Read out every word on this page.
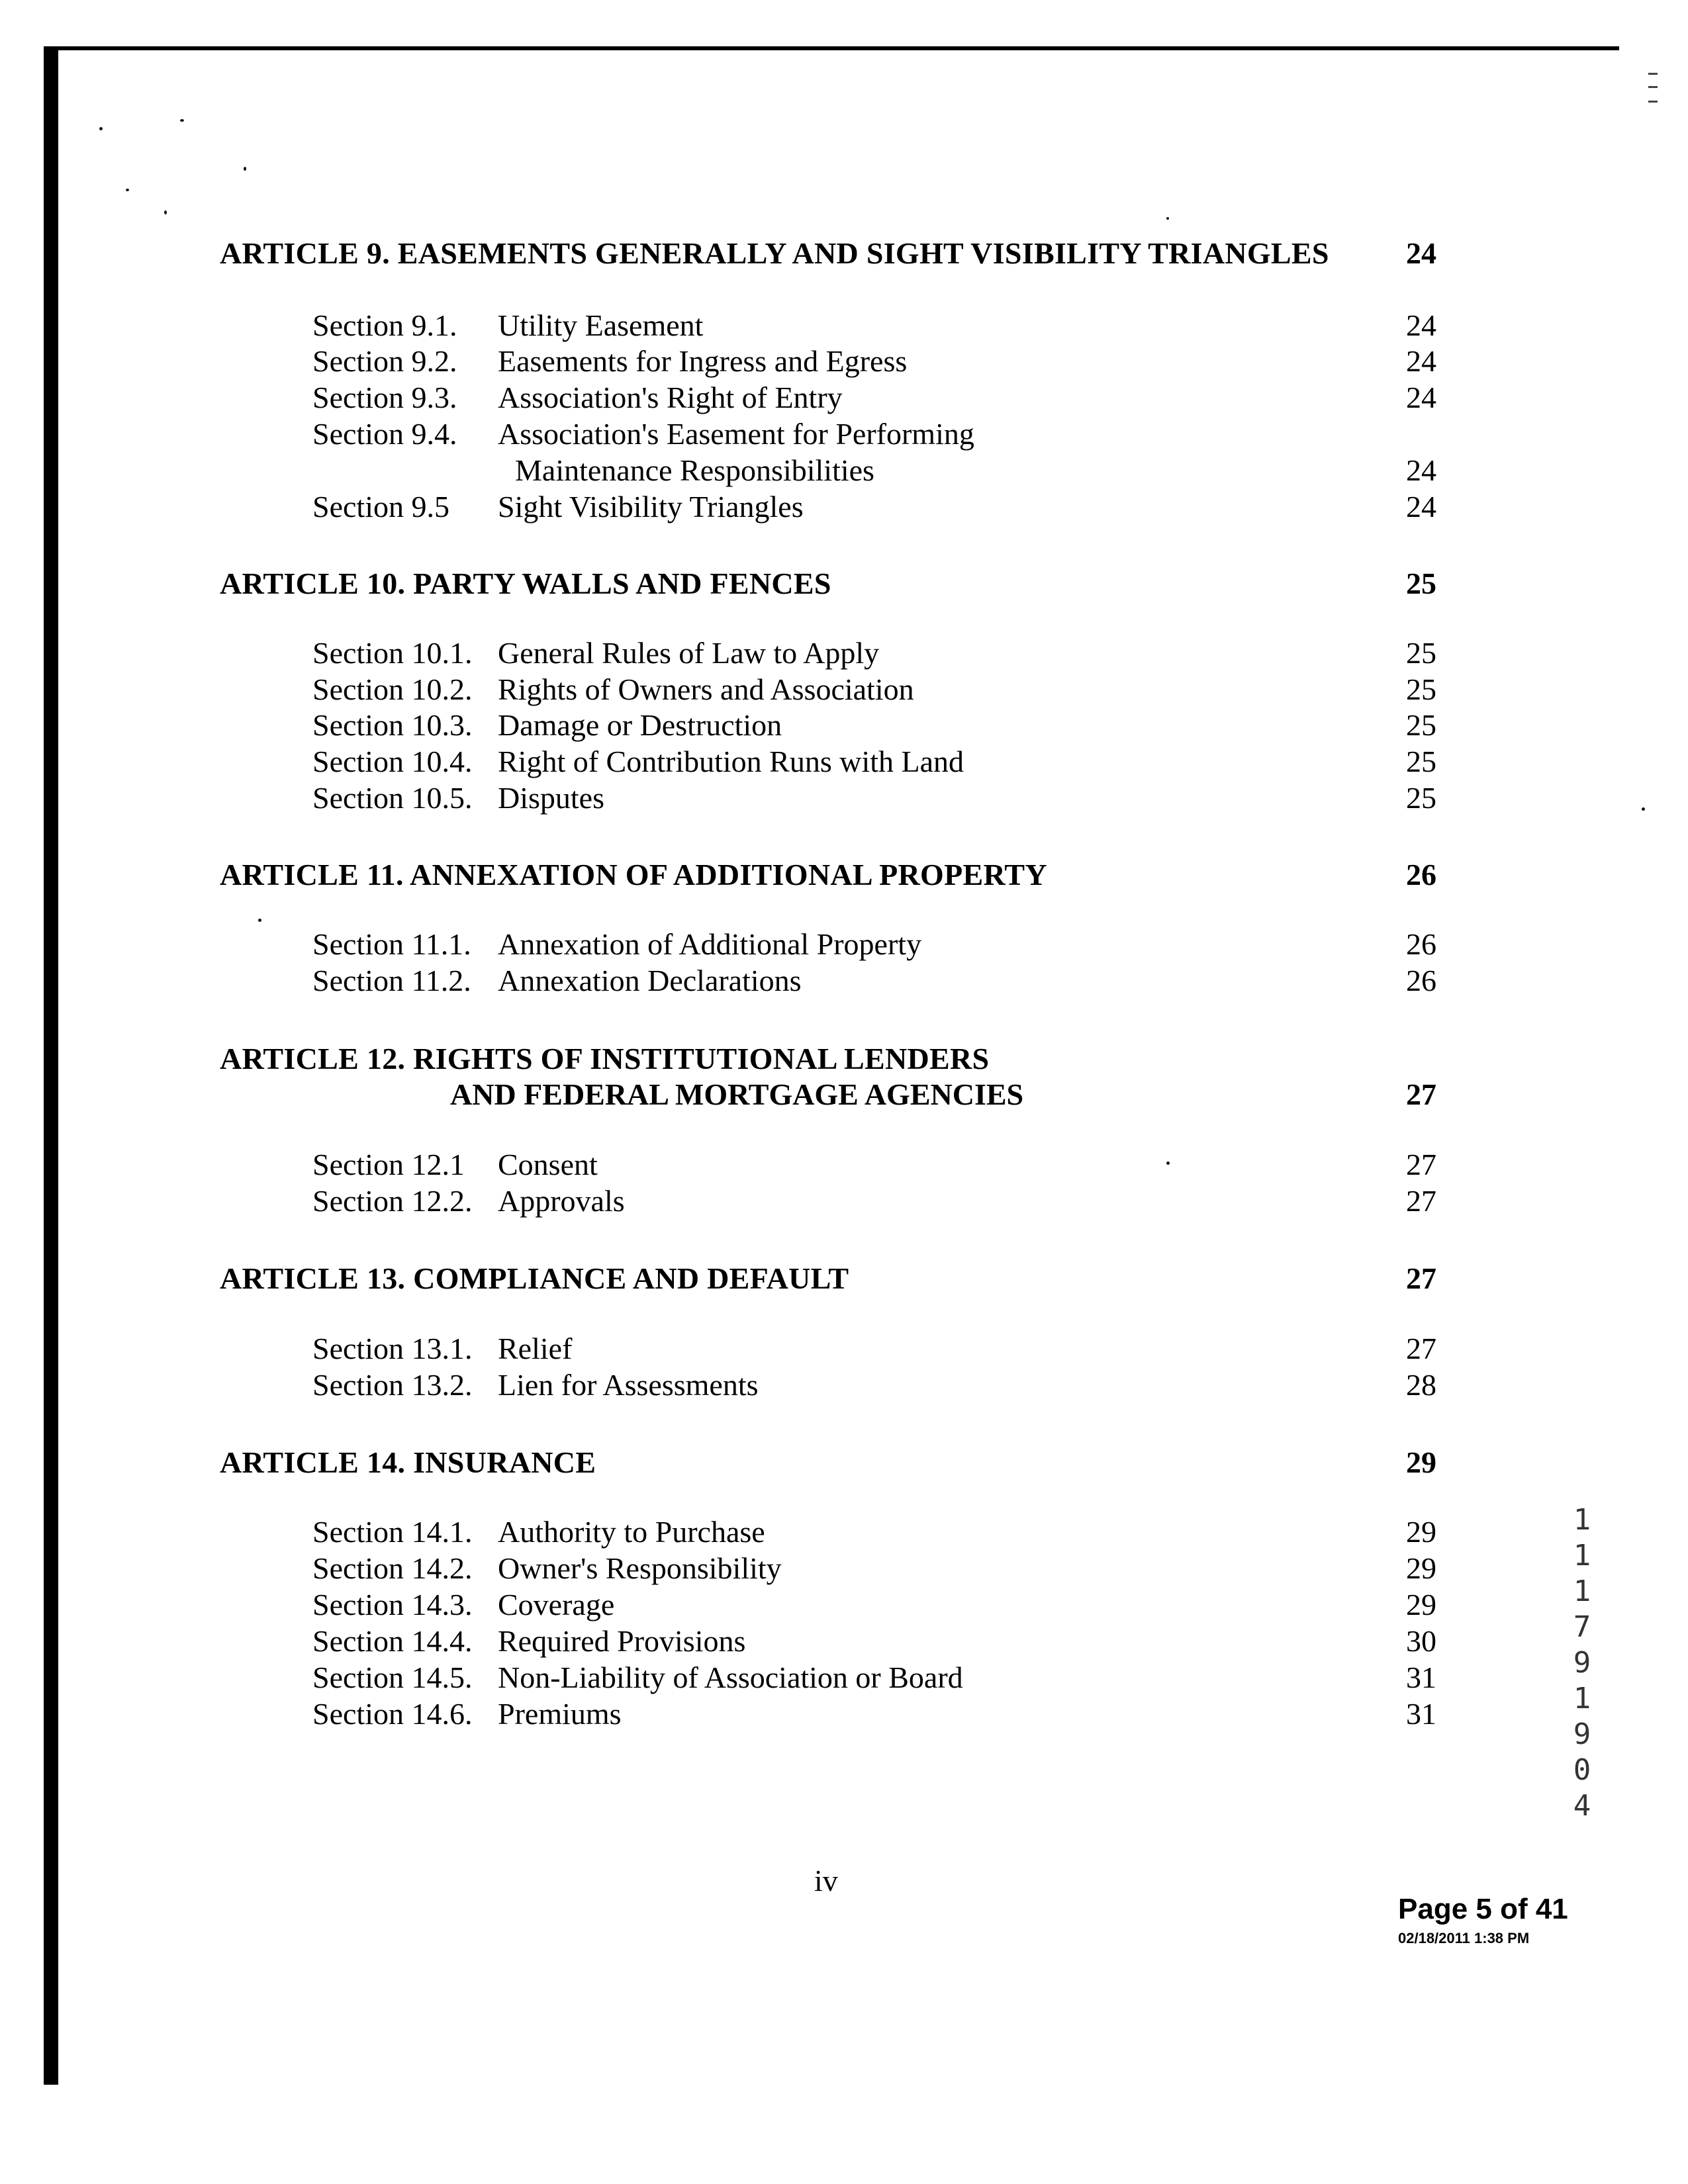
ARTICLE 9. EASEMENTS GENERALLY AND SIGHT VISIBILITY TRIANGLES	24
Section 9.1. Utility Easement	24
Section 9.2. Easements for Ingress and Egress	24
Section 9.3. Association's Right of Entry	24
Section 9.4. Association's Easement for Performing
Maintenance Responsibilities	24
Section 9.5 Sight Visibility Triangles	24
ARTICLE 10. PARTY WALLS AND FENCES	25
Section 10.1. General Rules of Law to Apply	25
Section 10.2. Rights of Owners and Association	25
Section 10.3. Damage or Destruction	25
Section 10.4. Right of Contribution Runs with Land	25
Section 10.5. Disputes	25
ARTICLE 11. ANNEXATION OF ADDITIONAL PROPERTY	26
Section 11.1. Annexation of Additional Property	26
Section 11.2. Annexation Declarations	26
ARTICLE 12. RIGHTS OF INSTITUTIONAL LENDERS
AND FEDERAL MORTGAGE AGENCIES	27
Section 12.1 Consent	27
Section 12.2. Approvals	27
ARTICLE 13. COMPLIANCE AND DEFAULT	27
Section 13.1. Relief	27
Section 13.2. Lien for Assessments	28
ARTICLE 14. INSURANCE	29
Section 14.1. Authority to Purchase	29
Section 14.2. Owner's Responsibility	29
Section 14.3. Coverage	29
Section 14.4. Required Provisions	30
Section 14.5. Non-Liability of Association or Board	31
Section 14.6. Premiums	31
iv
Page 5 of 41
02/18/2011 1:38 PM
1
1
1
7
9
1
9
0
4
